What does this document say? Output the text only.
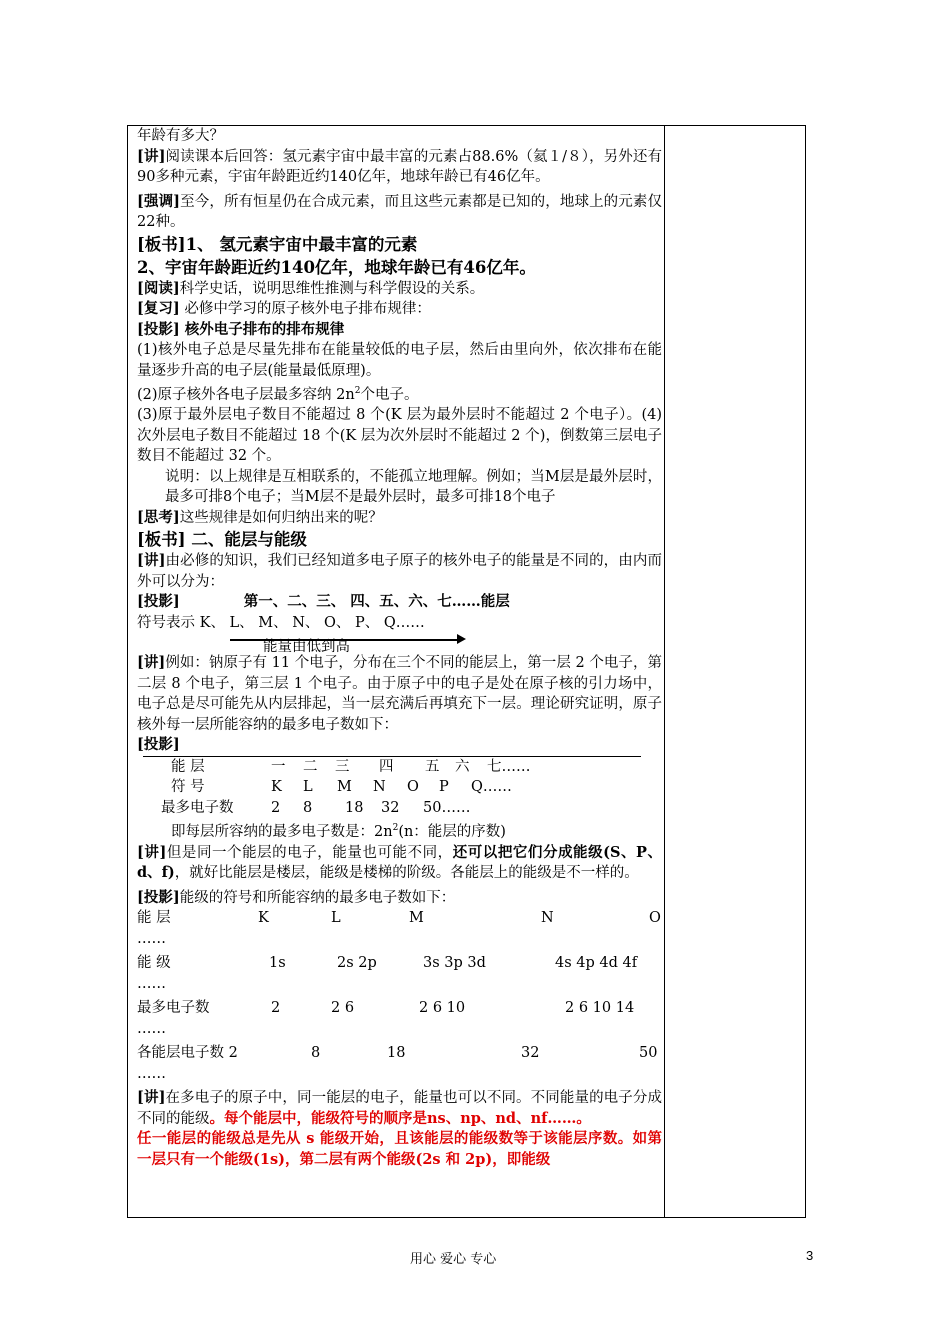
年龄有多大？

[讲]阅读课本后回答：氢元素宇宙中最丰富的元素占88.6%（氦１/８），另外还有90多种元素，宇宙年龄距近约140亿年，地球年龄已有46亿年。

[强调]至今，所有恒星仍在合成元素，而且这些元素都是已知的，地球上的元素仅22种。

[板书]1、 氢元素宇宙中最丰富的元素

2、宇宙年龄距近约140亿年，地球年龄已有46亿年。

[阅读]科学史话，说明思维性推测与科学假设的关系。

[复习] 必修中学习的原子核外电子排布规律：

[投影] 核外电子排布的排布规律

(1)核外电子总是尽量先排布在能量较低的电子层，然后由里向外，依次排布在能量逐步升高的电子层(能量最低原理)。

(2)原子核外各电子层最多容纳 $2n^2$个电子。

(3)原于最外层电子数目不能超过 8 个(K 层为最外层时不能超过 2 个电子）。(4)次外层电子数目不能超过 18 个(K 层为次外层时不能超过 2 个)，倒数第三层电子数目不能超过 32 个。

说明：以上规律是互相联系的，不能孤立地理解。例如；当M层是最外层时，最多可排8个电子；当M层不是最外层时，最多可排18个电子

[思考]这些规律是如何归纳出来的呢？

[板书] 二、能层与能级

[讲]由必修的知识，我们已经知道多电子原子的核外电子的能量是不同的，由内而外可以分为：

[投影]	第一、二、三、 四、五、六、七……能层

符号表示 K、 L、 M、 N、 O、 P、 Q……

能量由低到高

[讲]例如：钠原子有 11 个电子，分布在三个不同的能层上，第一层 2 个电子，第二层 8 个电子，第三层 1 个电子。由于原子中的电子是处在原子核的引力场中，电子总是尽可能先从内层排起，当一层充满后再填充下一层。理论研究证明，原子核外每一层所能容纳的最多电子数如下：

[投影]

能 层	一 二 三 四 五 六 七……
符 号	K L M N O P Q……
最多电子数	2 8 18 32 50……

即每层所容纳的最多电子数是：$2n^2(n$：能层的序数)

[讲]但是同一个能层的电子，能量也可能不同，还可以把它们分成能级(S、P、d、f)，就好比能层是楼层，能级是楼梯的阶级。各能层上的能级是不一样的。

[投影]能级的符号和所能容纳的最多电子数如下：

能 层	K	L	M	N	O
……
能 级	1s	2s 2p	3s 3p 3d	4s 4p 4d 4f
……
最多电子数	2	2 6	2 6 10	2 6 10 14
……
各能层电子数 2	8	18	32	50
……

[讲]在多电子的原子中，同一能层的电子，能量也可以不同。不同能量的电子分成不同的能级。每个能层中，能级符号的顺序是ns、np、nd、nf……。

任一能层的能级总是先从 s 能级开始，且该能层的能级数等于该能层序数。如第一层只有一个能级(1s)，第二层有两个能级(2s 和 2p)，即能级

用心 爱心 专心	3
